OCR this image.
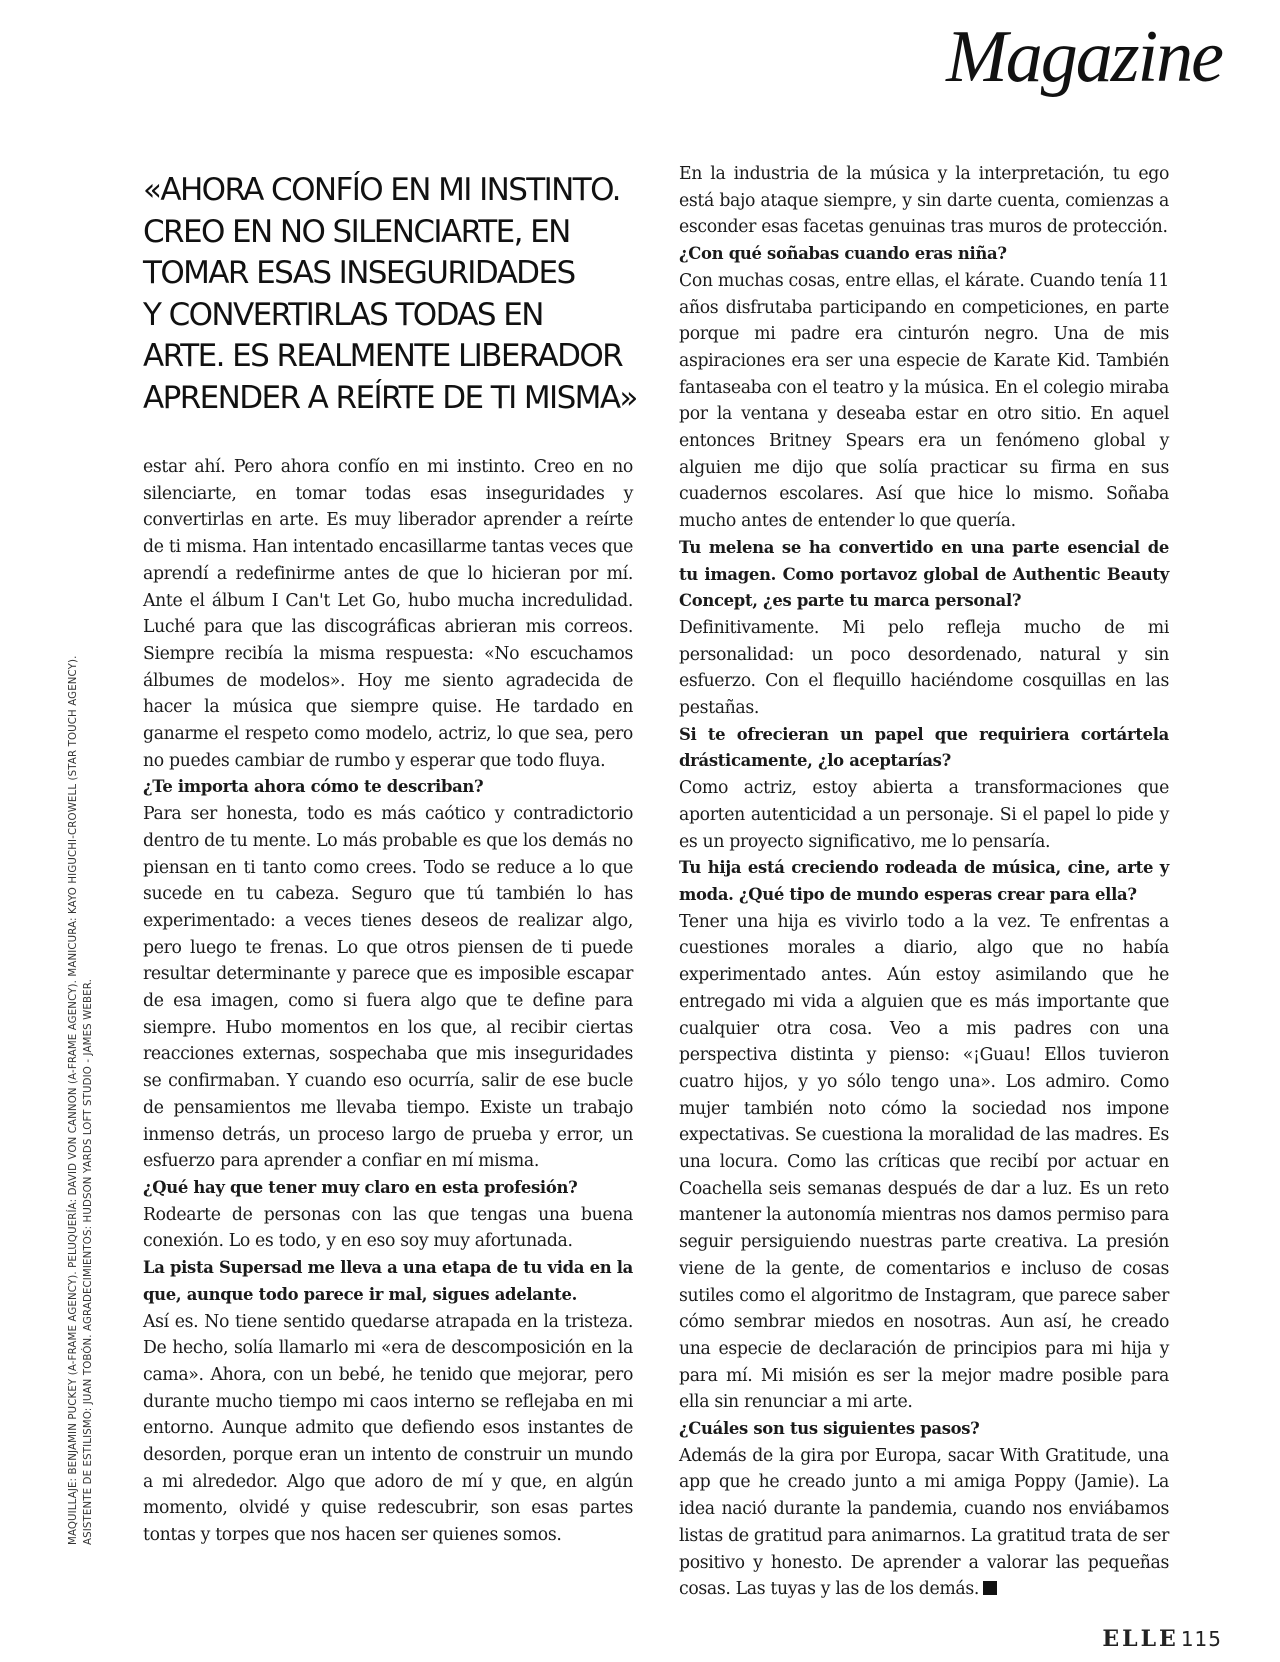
Magazine
MAQUILLAJE: BENJAMIN PUCKEY (A-FRAME AGENCY). PELUQUERÍA: DAVID VON CANNON (A-FRAME AGENCY). MANICURA: KAYO HIGUCHI-CROWELL (STAR TOUCH AGENCY). ASISTENTE DE ESTILISMO: JUAN TOBÓN. AGRADECIMIENTOS: HUDSON YARDS LOFT STUDIO - JAMES WEBER.
«AHORA CONFÍO EN MI INSTINTO.
CREO EN NO SILENCIARTE, EN
TOMAR ESAS INSEGURIDADES
Y CONVERTIRLAS TODAS EN
ARTE. ES REALMENTE LIBERADOR
APRENDER A REÍRTE DE TI MISMA»

estar ahí. Pero ahora confío en mi instinto. Creo en no silenciarte, en tomar todas esas inseguridades y convertirlas en arte. Es muy liberador aprender a reírte de ti misma. Han intentado encasillarme tantas veces que aprendí a redefinirme antes de que lo hicieran por mí. Ante el álbum I Can't Let Go, hubo mucha incredulidad. Luché para que las discográficas abrieran mis correos. Siempre recibía la misma respuesta: «No escuchamos álbumes de modelos». Hoy me siento agradecida de hacer la música que siempre quise. He tardado en ganarme el respeto como modelo, actriz, lo que sea, pero no puedes cambiar de rumbo y esperar que todo fluya.

¿Te importa ahora cómo te describan?

Para ser honesta, todo es más caótico y contradictorio dentro de tu mente. Lo más probable es que los demás no piensan en ti tanto como crees. Todo se reduce a lo que sucede en tu cabeza. Seguro que tú también lo has experimentado: a veces tienes deseos de realizar algo, pero luego te frenas. Lo que otros piensen de ti puede resultar determinante y parece que es imposible escapar de esa imagen, como si fuera algo que te define para siempre. Hubo momentos en los que, al recibir ciertas reacciones externas, sospechaba que mis inseguridades se confirmaban. Y cuando eso ocurría, salir de ese bucle de pensamientos me llevaba tiempo. Existe un trabajo inmenso detrás, un proceso largo de prueba y error, un esfuerzo para aprender a confiar en mí misma.

¿Qué hay que tener muy claro en esta profesión?

Rodearte de personas con las que tengas una buena conexión. Lo es todo, y en eso soy muy afortunada.

La pista Supersad me lleva a una etapa de tu vida en la que, aunque todo parece ir mal, sigues adelante.

Así es. No tiene sentido quedarse atrapada en la tristeza. De hecho, solía llamarlo mi «era de descomposición en la cama». Ahora, con un bebé, he tenido que mejorar, pero durante mucho tiempo mi caos interno se reflejaba en mi entorno. Aunque admito que defiendo esos instantes de desorden, porque eran un intento de construir un mundo a mi alrededor. Algo que adoro de mí y que, en algún momento, olvidé y quise redescubrir, son esas partes tontas y torpes que nos hacen ser quienes somos.

En la industria de la música y la interpretación, tu ego está bajo ataque siempre, y sin darte cuenta, comienzas a esconder esas facetas genuinas tras muros de protección.

¿Con qué soñabas cuando eras niña?

Con muchas cosas, entre ellas, el kárate. Cuando tenía 11 años disfrutaba participando en competiciones, en parte porque mi padre era cinturón negro. Una de mis aspiraciones era ser una especie de Karate Kid. También fantaseaba con el teatro y la música. En el colegio miraba por la ventana y deseaba estar en otro sitio. En aquel entonces Britney Spears era un fenómeno global y alguien me dijo que solía practicar su firma en sus cuadernos escolares. Así que hice lo mismo. Soñaba mucho antes de entender lo que quería.

Tu melena se ha convertido en una parte esencial de tu imagen. Como portavoz global de Authentic Beauty Concept, ¿es parte tu marca personal?

Definitivamente. Mi pelo refleja mucho de mi personalidad: un poco desordenado, natural y sin esfuerzo. Con el flequillo haciéndome cosquillas en las pestañas.

Si te ofrecieran un papel que requiriera cortártela drásticamente, ¿lo aceptarías?

Como actriz, estoy abierta a transformaciones que aporten autenticidad a un personaje. Si el papel lo pide y es un proyecto significativo, me lo pensaría.

Tu hija está creciendo rodeada de música, cine, arte y moda. ¿Qué tipo de mundo esperas crear para ella?

Tener una hija es vivirlo todo a la vez. Te enfrentas a cuestiones morales a diario, algo que no había experimentado antes. Aún estoy asimilando que he entregado mi vida a alguien que es más importante que cualquier otra cosa. Veo a mis padres con una perspectiva distinta y pienso: «¡Guau! Ellos tuvieron cuatro hijos, y yo sólo tengo una». Los admiro. Como mujer también noto cómo la sociedad nos impone expectativas. Se cuestiona la moralidad de las madres. Es una locura. Como las críticas que recibí por actuar en Coachella seis semanas después de dar a luz. Es un reto mantener la autonomía mientras nos damos permiso para seguir persiguiendo nuestras parte creativa. La presión viene de la gente, de comentarios e incluso de cosas sutiles como el algoritmo de Instagram, que parece saber cómo sembrar miedos en nosotras. Aun así, he creado una especie de declaración de principios para mi hija y para mí. Mi misión es ser la mejor madre posible para ella sin renunciar a mi arte.

¿Cuáles son tus siguientes pasos?

Además de la gira por Europa, sacar With Gratitude, una app que he creado junto a mi amiga Poppy (Jamie). La idea nació durante la pandemia, cuando nos enviábamos listas de gratitud para animarnos. La gratitud trata de ser positivo y honesto. De aprender a valorar las pequeñas cosas. Las tuyas y las de los demás.

ELLE 115
